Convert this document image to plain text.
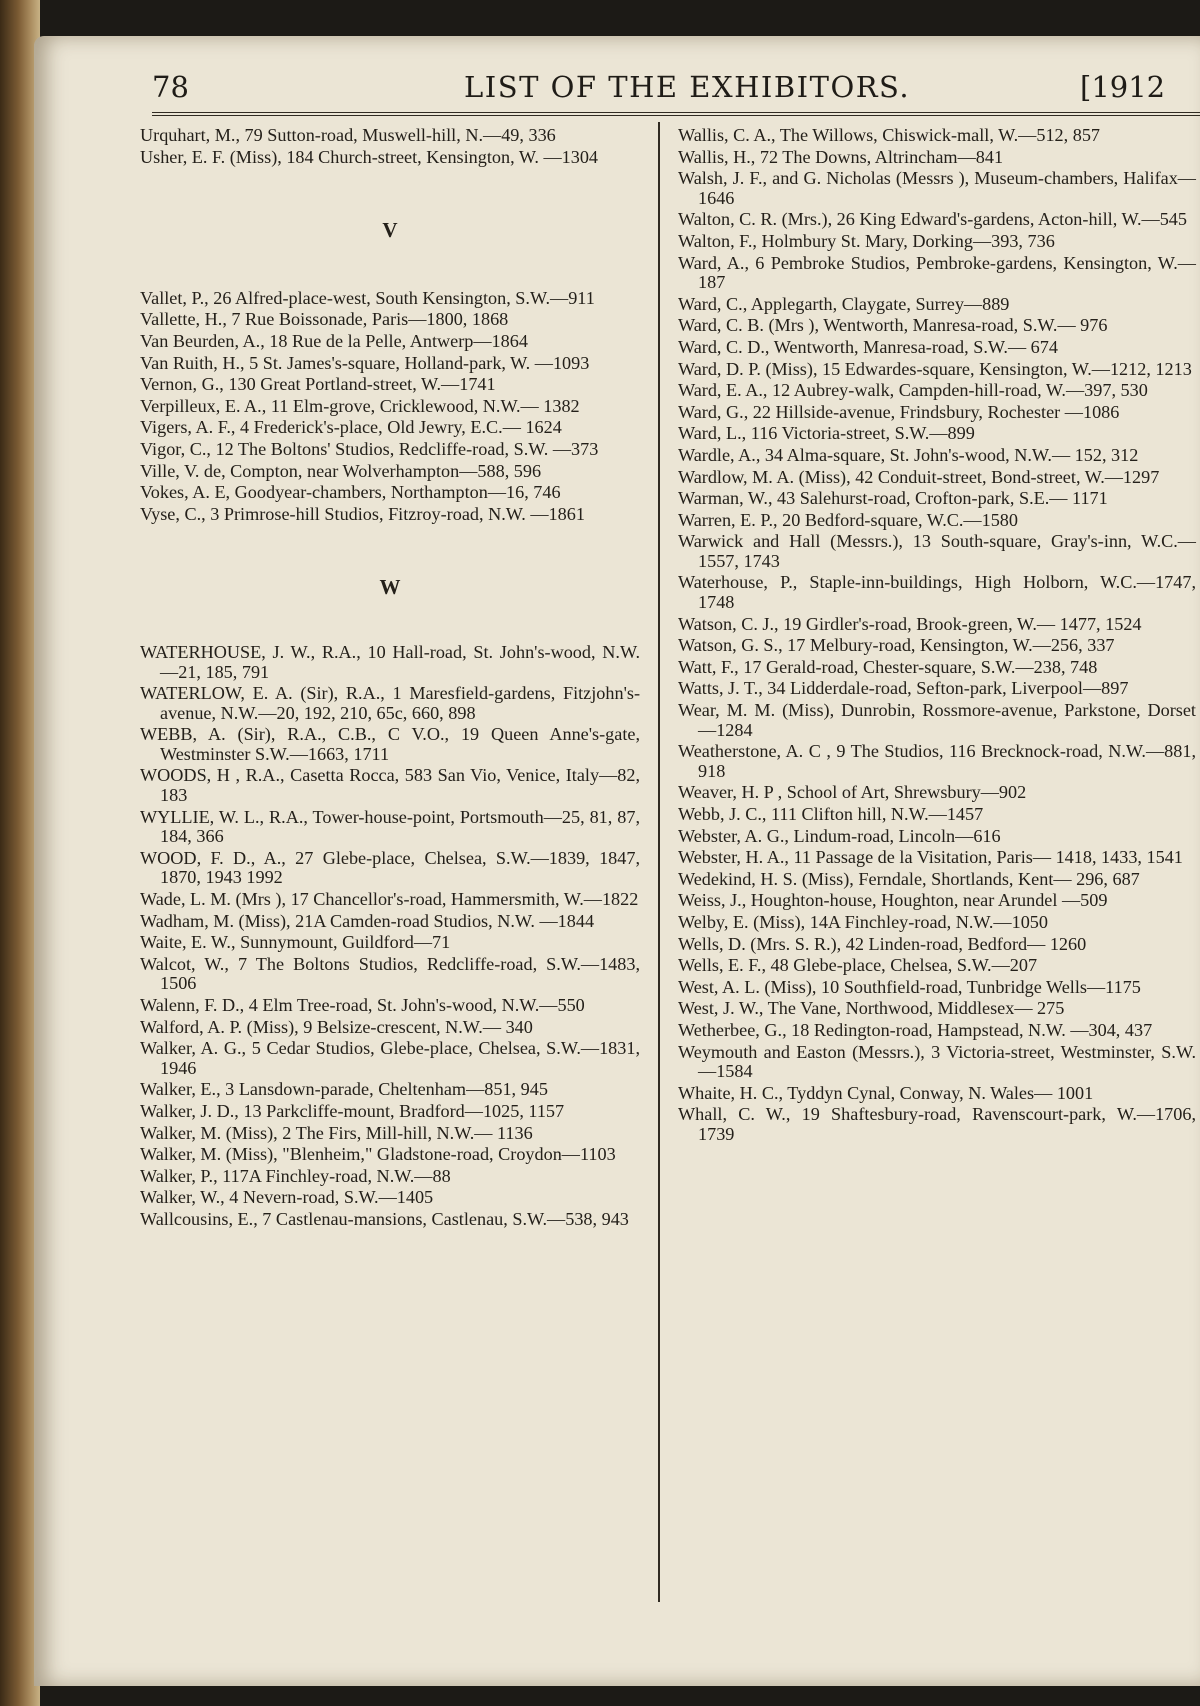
78	LIST OF THE EXHIBITORS.	[1912
Urquhart, M., 79 Sutton-road, Muswell-hill, N.—49, 336
Usher, E. F. (Miss), 184 Church-street, Kensington, W. —1304
V
Vallet, P., 26 Alfred-place-west, South Kensington, S.W.—911
Vallette, H., 7 Rue Boissonade, Paris—1800, 1868
Van Beurden, A., 18 Rue de la Pelle, Antwerp—1864
Van Ruith, H., 5 St. James's-square, Holland-park, W. —1093
Vernon, G., 130 Great Portland-street, W.—1741
Verpilleux, E. A., 11 Elm-grove, Cricklewood, N.W.— 1382
Vigers, A. F., 4 Frederick's-place, Old Jewry, E.C.— 1624
Vigor, C., 12 The Boltons' Studios, Redcliffe-road, S.W. —373
Ville, V. de, Compton, near Wolverhampton—588, 596
Vokes, A. E, Goodyear-chambers, Northampton—16, 746
Vyse, C., 3 Primrose-hill Studios, Fitzroy-road, N.W. —1861
W
WATERHOUSE, J. W., R.A., 10 Hall-road, St. John's-wood, N.W.—21, 185, 791
WATERLOW, E. A. (Sir), R.A., 1 Maresfield-gardens, Fitzjohn's-avenue, N.W.—20, 192, 210, 65c, 660, 898
WEBB, A. (Sir), R.A., C.B., C V.O., 19 Queen Anne's-gate, Westminster S.W.—1663, 1711
WOODS, H , R.A., Casetta Rocca, 583 San Vio, Venice, Italy—82, 183
WYLLIE, W. L., R.A., Tower-house-point, Portsmouth—25, 81, 87, 184, 366
WOOD, F. D., A., 27 Glebe-place, Chelsea, S.W.—1839, 1847, 1870, 1943 1992
Wade, L. M. (Mrs ), 17 Chancellor's-road, Hammersmith, W.—1822
Wadham, M. (Miss), 21A Camden-road Studios, N.W. —1844
Waite, E. W., Sunnymount, Guildford—71
Walcot, W., 7 The Boltons Studios, Redcliffe-road, S.W.—1483, 1506
Walenn, F. D., 4 Elm Tree-road, St. John's-wood, N.W.—550
Walford, A. P. (Miss), 9 Belsize-crescent, N.W.— 340
Walker, A. G., 5 Cedar Studios, Glebe-place, Chelsea, S.W.—1831, 1946
Walker, E., 3 Lansdown-parade, Cheltenham—851, 945
Walker, J. D., 13 Parkcliffe-mount, Bradford—1025, 1157
Walker, M. (Miss), 2 The Firs, Mill-hill, N.W.— 1136
Walker, M. (Miss), "Blenheim," Gladstone-road, Croydon—1103
Walker, P., 117A Finchley-road, N.W.—88
Walker, W., 4 Nevern-road, S.W.—1405
Wallcousins, E., 7 Castlenau-mansions, Castlenau, S.W.—538, 943
Wallis, C. A., The Willows, Chiswick-mall, W.—512, 857
Wallis, H., 72 The Downs, Altrincham—841
Walsh, J. F., and G. Nicholas (Messrs ), Museum-chambers, Halifax—1646
Walton, C. R. (Mrs.), 26 King Edward's-gardens, Acton-hill, W.—545
Walton, F., Holmbury St. Mary, Dorking—393, 736
Ward, A., 6 Pembroke Studios, Pembroke-gardens, Kensington, W.—187
Ward, C., Applegarth, Claygate, Surrey—889
Ward, C. B. (Mrs ), Wentworth, Manresa-road, S.W.— 976
Ward, C. D., Wentworth, Manresa-road, S.W.— 674
Ward, D. P. (Miss), 15 Edwardes-square, Kensington, W.—1212, 1213
Ward, E. A., 12 Aubrey-walk, Campden-hill-road, W.—397, 530
Ward, G., 22 Hillside-avenue, Frindsbury, Rochester —1086
Ward, L., 116 Victoria-street, S.W.—899
Wardle, A., 34 Alma-square, St. John's-wood, N.W.— 152, 312
Wardlow, M. A. (Miss), 42 Conduit-street, Bond-street, W.—1297
Warman, W., 43 Salehurst-road, Crofton-park, S.E.— 1171
Warren, E. P., 20 Bedford-square, W.C.—1580
Warwick and Hall (Messrs.), 13 South-square, Gray's-inn, W.C.—1557, 1743
Waterhouse, P., Staple-inn-buildings, High Holborn, W.C.—1747, 1748
Watson, C. J., 19 Girdler's-road, Brook-green, W.— 1477, 1524
Watson, G. S., 17 Melbury-road, Kensington, W.—256, 337
Watt, F., 17 Gerald-road, Chester-square, S.W.—238, 748
Watts, J. T., 34 Lidderdale-road, Sefton-park, Liverpool—897
Wear, M. M. (Miss), Dunrobin, Rossmore-avenue, Parkstone, Dorset—1284
Weatherstone, A. C , 9 The Studios, 116 Brecknock-road, N.W.—881, 918
Weaver, H. P , School of Art, Shrewsbury—902
Webb, J. C., 111 Clifton hill, N.W.—1457
Webster, A. G., Lindum-road, Lincoln—616
Webster, H. A., 11 Passage de la Visitation, Paris— 1418, 1433, 1541
Wedekind, H. S. (Miss), Ferndale, Shortlands, Kent— 296, 687
Weiss, J., Houghton-house, Houghton, near Arundel —509
Welby, E. (Miss), 14A Finchley-road, N.W.—1050
Wells, D. (Mrs. S. R.), 42 Linden-road, Bedford— 1260
Wells, E. F., 48 Glebe-place, Chelsea, S.W.—207
West, A. L. (Miss), 10 Southfield-road, Tunbridge Wells—1175
West, J. W., The Vane, Northwood, Middlesex— 275
Wetherbee, G., 18 Redington-road, Hampstead, N.W. —304, 437
Weymouth and Easton (Messrs.), 3 Victoria-street, Westminster, S.W.—1584
Whaite, H. C., Tyddyn Cynal, Conway, N. Wales— 1001
Whall, C. W., 19 Shaftesbury-road, Ravenscourt-park, W.—1706, 1739
